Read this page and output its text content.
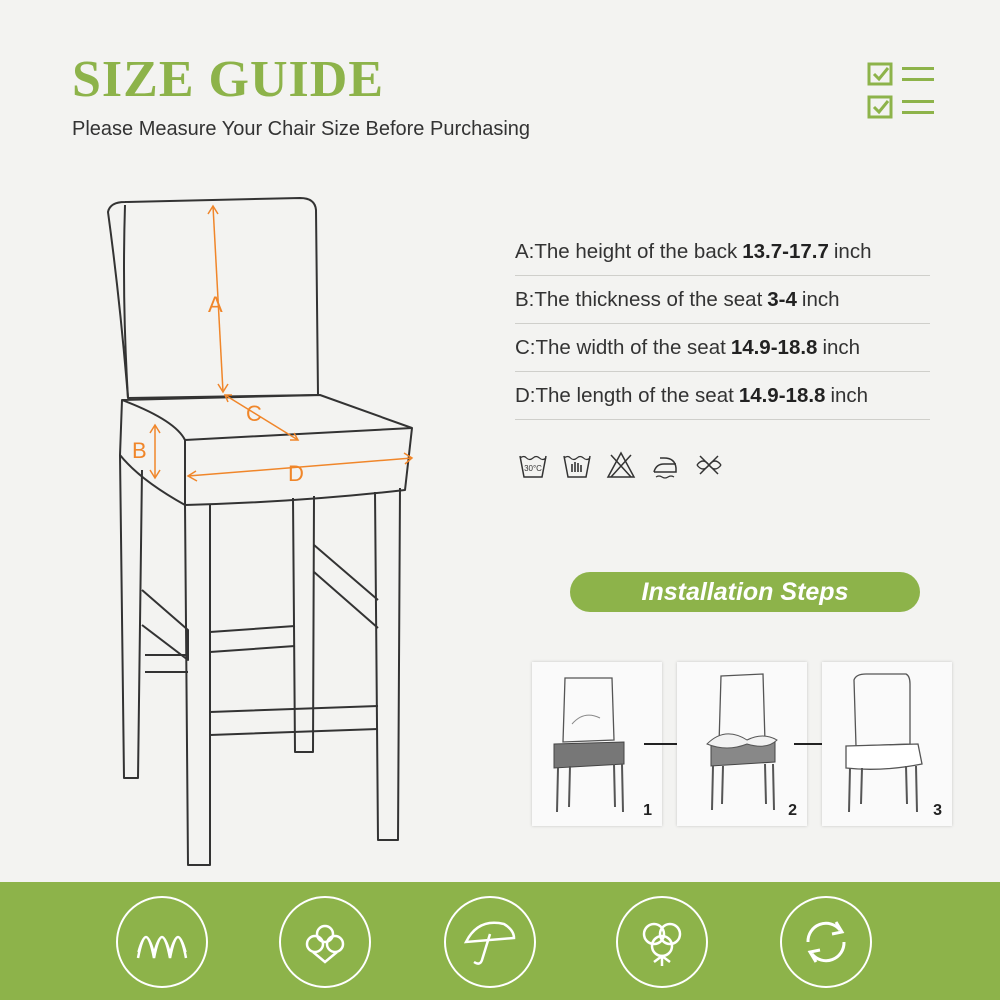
SIZE GUIDE
Please Measure Your Chair Size Before Purchasing
A
B
C
D
A:The height of the back 13.7-17.7 inch
B:The thickness of the seat 3-4 inch
C:The width of the seat 14.9-18.8 inch
D:The length of the seat 14.9-18.8 inch
30°C
Installation Steps
1	2	3
